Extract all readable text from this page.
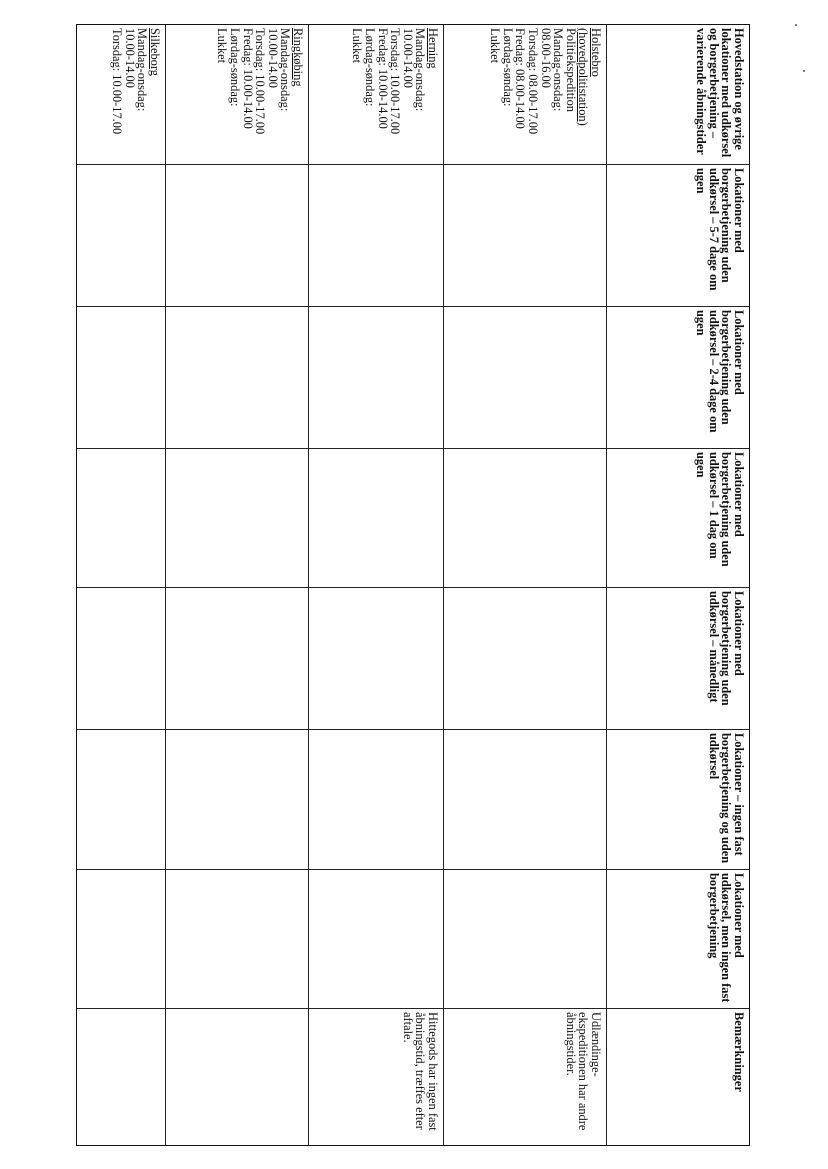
Hovedstation og øvrige lokationer med udkørsel og borgerbetjening – varierende åbningstider
Lokationer med borgerbetjening uden udkørsel – 5-7 dage om ugen
Lokationer med borgerbetjening uden udkørsel – 2-4 dage om ugen
Lokationer med borgerbetjening uden udkørsel – 1 dag om ugen
Lokationer med borgerbetjening uden udkørsel – månedligt
Lokationer – ingen fast borgerbetjening og uden udkørsel
Lokationer med udkørsel, men ingen fast borgerbetjening
Bemærkninger
Holstebro (hovedpolitistation)
Politiekspedition
Mandag-onsdag:
08.00-16.00
Torsdag: 08.00-17.00
Fredag: 08.00-14.00
Lørdag-søndag:
Lukket
Udlændinge-ekspeditionen har andre åbningstider.
Herning
Mandag-onsdag:
10.00-14.00
Torsdag: 10.00-17.00
Fredag: 10.00-14.00
Lørdag-søndag:
Lukket
Hittegods har ingen fast åbningstid, træffes efter aftale.
Ringkøbing
Mandag-onsdag:
10.00-14.00
Torsdag: 10.00-17.00
Fredag: 10.00-14.00
Lørdag-søndag:
Lukket
Silkeborg
Mandag-onsdag:
10.00-14.00
Torsdag: 10.00-17.00
